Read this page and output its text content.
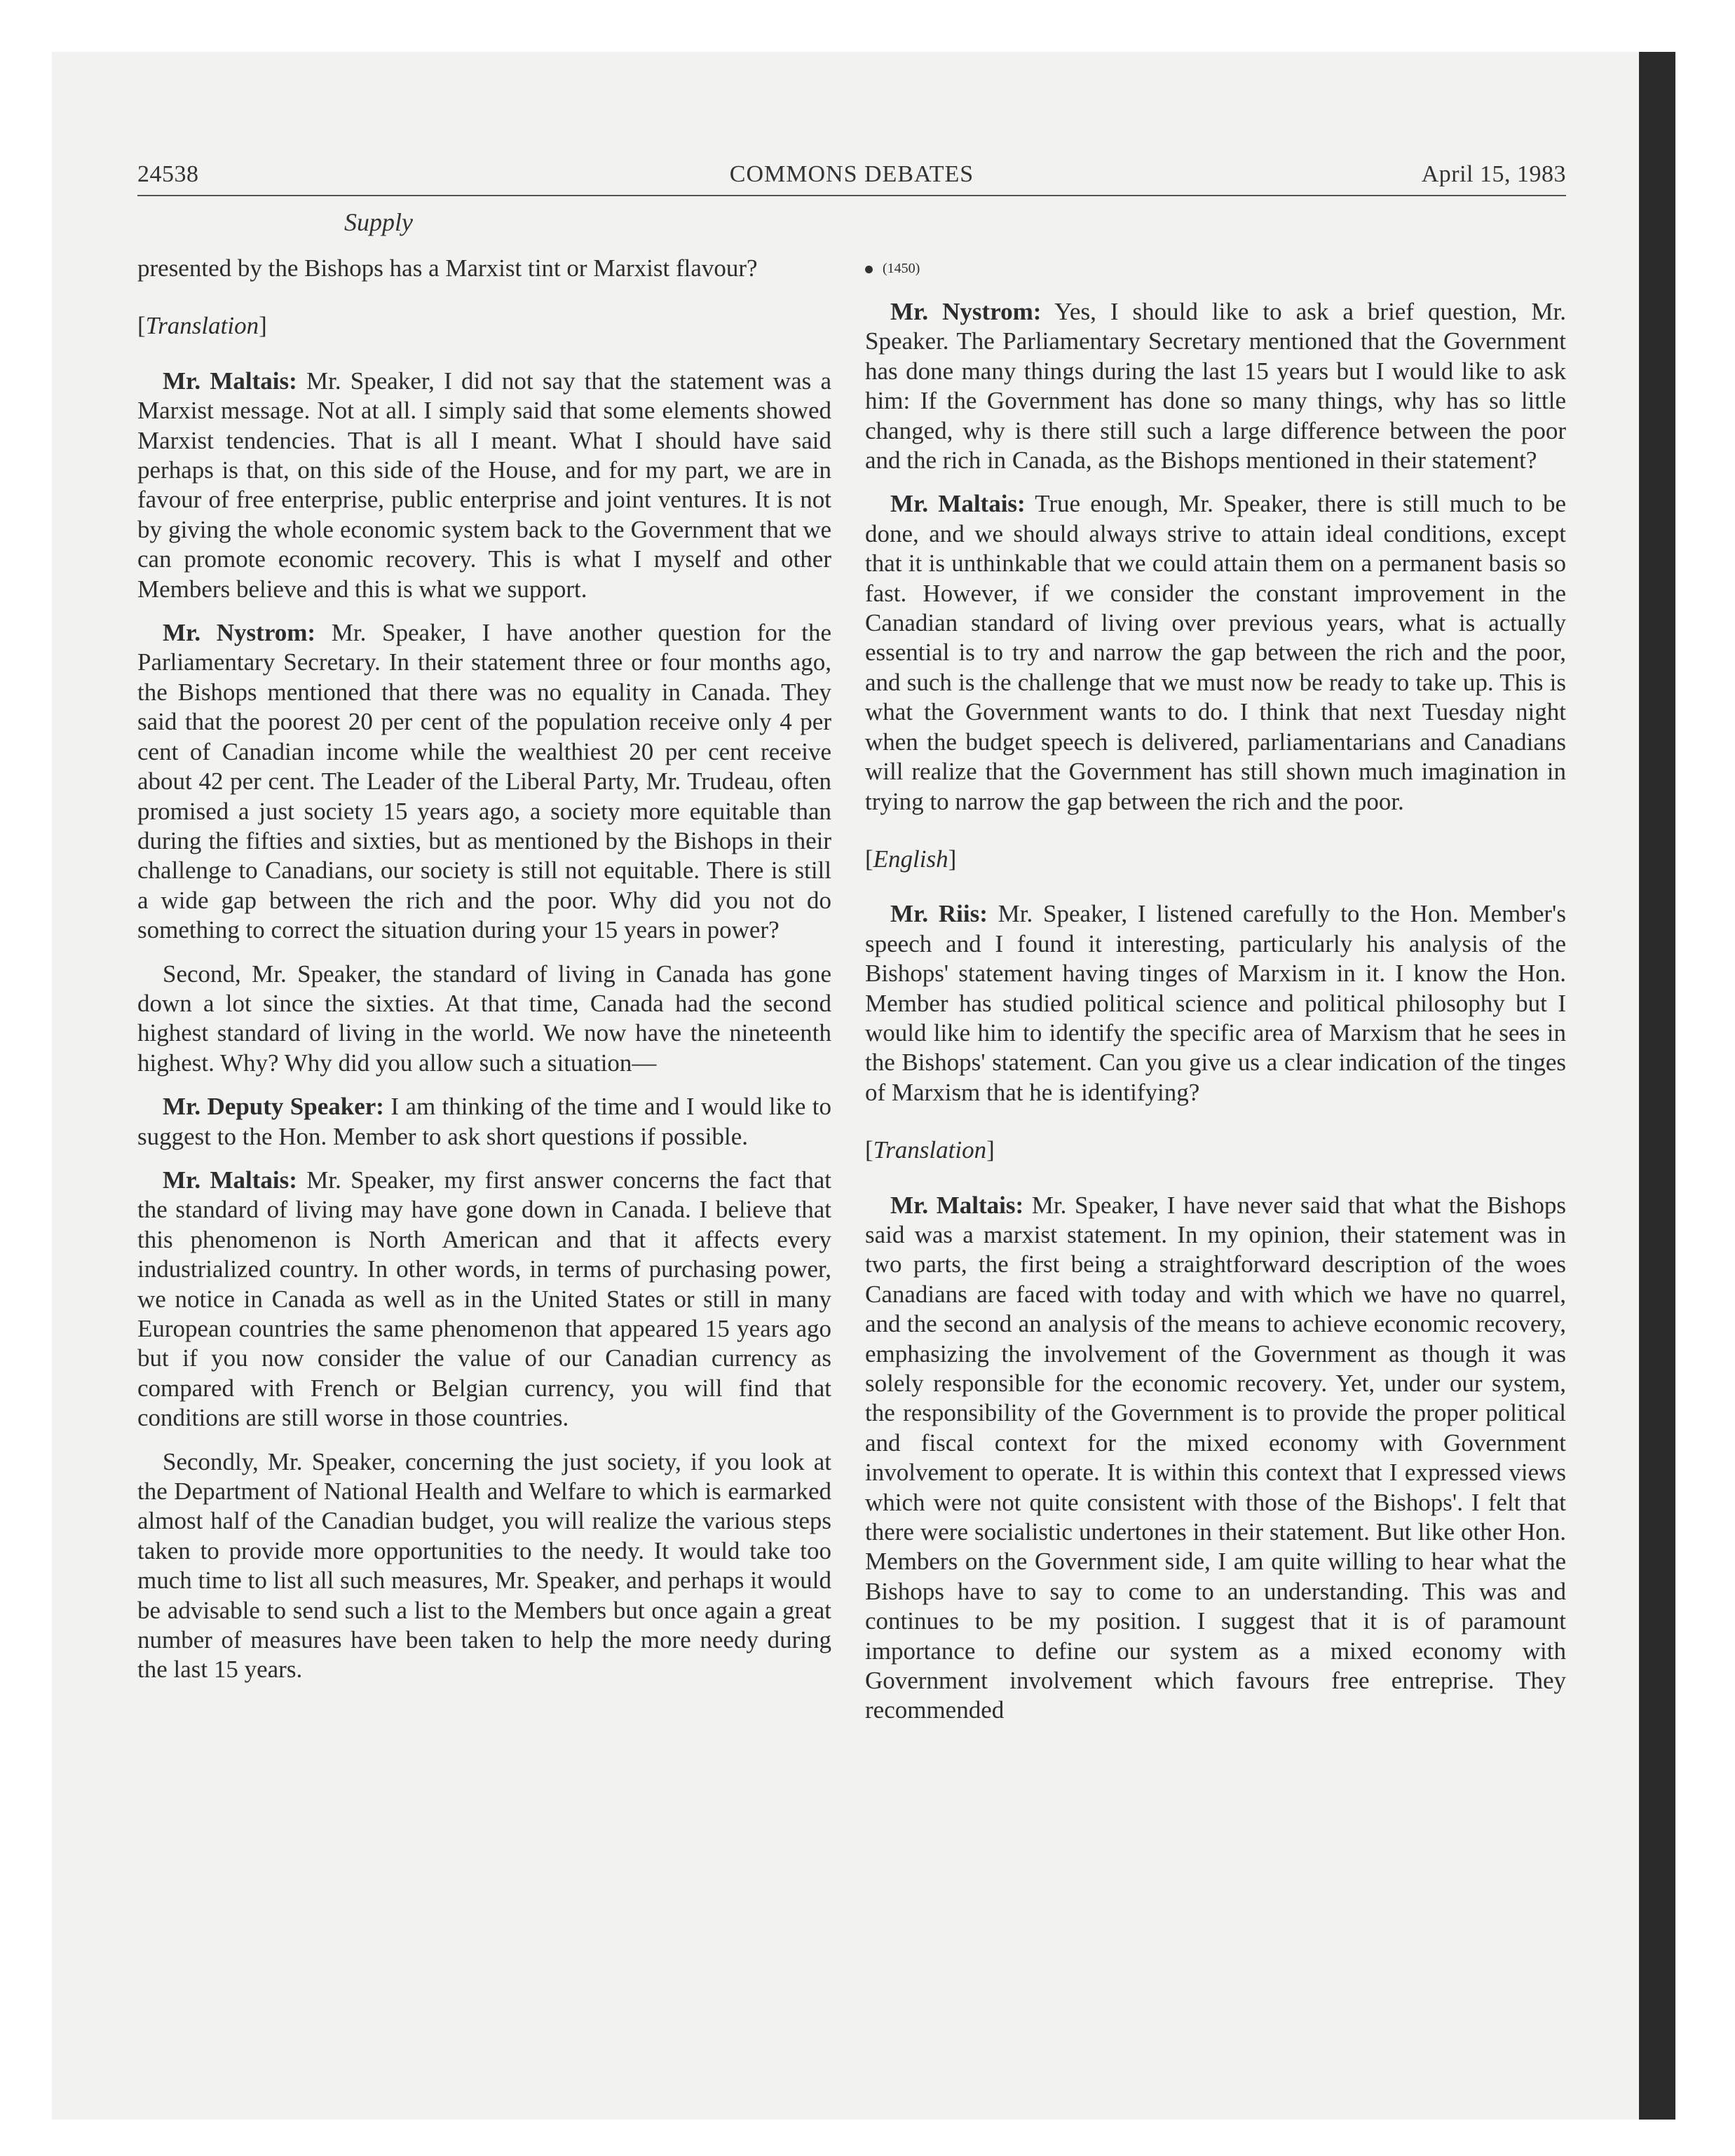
24538	COMMONS DEBATES	April 15, 1983
Supply

presented by the Bishops has a Marxist tint or Marxist flavour?

[Translation]

Mr. Maltais: Mr. Speaker, I did not say that the statement was a Marxist message. Not at all. I simply said that some elements showed Marxist tendencies. That is all I meant. What I should have said perhaps is that, on this side of the House, and for my part, we are in favour of free enterprise, public enterprise and joint ventures. It is not by giving the whole economic system back to the Government that we can promote economic recovery. This is what I myself and other Members believe and this is what we support.

Mr. Nystrom: Mr. Speaker, I have another question for the Parliamentary Secretary. In their statement three or four months ago, the Bishops mentioned that there was no equality in Canada. They said that the poorest 20 per cent of the population receive only 4 per cent of Canadian income while the wealthiest 20 per cent receive about 42 per cent. The Leader of the Liberal Party, Mr. Trudeau, often promised a just society 15 years ago, a society more equitable than during the fifties and sixties, but as mentioned by the Bishops in their challenge to Canadians, our society is still not equitable. There is still a wide gap between the rich and the poor. Why did you not do something to correct the situation during your 15 years in power?

Second, Mr. Speaker, the standard of living in Canada has gone down a lot since the sixties. At that time, Canada had the second highest standard of living in the world. We now have the nineteenth highest. Why? Why did you allow such a situation—

Mr. Deputy Speaker: I am thinking of the time and I would like to suggest to the Hon. Member to ask short questions if possible.

Mr. Maltais: Mr. Speaker, my first answer concerns the fact that the standard of living may have gone down in Canada. I believe that this phenomenon is North American and that it affects every industrialized country. In other words, in terms of purchasing power, we notice in Canada as well as in the United States or still in many European countries the same phenomenon that appeared 15 years ago but if you now consider the value of our Canadian currency as compared with French or Belgian currency, you will find that conditions are still worse in those countries.

Secondly, Mr. Speaker, concerning the just society, if you look at the Department of National Health and Welfare to which is earmarked almost half of the Canadian budget, you will realize the various steps taken to provide more opportunities to the needy. It would take too much time to list all such measures, Mr. Speaker, and perhaps it would be advisable to send such a list to the Members but once again a great number of measures have been taken to help the more needy during the last 15 years.

(1450)

Mr. Nystrom: Yes, I should like to ask a brief question, Mr. Speaker. The Parliamentary Secretary mentioned that the Government has done many things during the last 15 years but I would like to ask him: If the Government has done so many things, why has so little changed, why is there still such a large difference between the poor and the rich in Canada, as the Bishops mentioned in their statement?

Mr. Maltais: True enough, Mr. Speaker, there is still much to be done, and we should always strive to attain ideal conditions, except that it is unthinkable that we could attain them on a permanent basis so fast. However, if we consider the constant improvement in the Canadian standard of living over previous years, what is actually essential is to try and narrow the gap between the rich and the poor, and such is the challenge that we must now be ready to take up. This is what the Government wants to do. I think that next Tuesday night when the budget speech is delivered, parliamentarians and Canadians will realize that the Government has still shown much imagination in trying to narrow the gap between the rich and the poor.

[English]

Mr. Riis: Mr. Speaker, I listened carefully to the Hon. Member's speech and I found it interesting, particularly his analysis of the Bishops' statement having tinges of Marxism in it. I know the Hon. Member has studied political science and political philosophy but I would like him to identify the specific area of Marxism that he sees in the Bishops' statement. Can you give us a clear indication of the tinges of Marxism that he is identifying?

[Translation]

Mr. Maltais: Mr. Speaker, I have never said that what the Bishops said was a marxist statement. In my opinion, their statement was in two parts, the first being a straightforward description of the woes Canadians are faced with today and with which we have no quarrel, and the second an analysis of the means to achieve economic recovery, emphasizing the involvement of the Government as though it was solely responsible for the economic recovery. Yet, under our system, the responsibility of the Government is to provide the proper political and fiscal context for the mixed economy with Government involvement to operate. It is within this context that I expressed views which were not quite consistent with those of the Bishops'. I felt that there were socialistic undertones in their statement. But like other Hon. Members on the Government side, I am quite willing to hear what the Bishops have to say to come to an understanding. This was and continues to be my position. I suggest that it is of paramount importance to define our system as a mixed economy with Government involvement which favours free entreprise. They recommended
